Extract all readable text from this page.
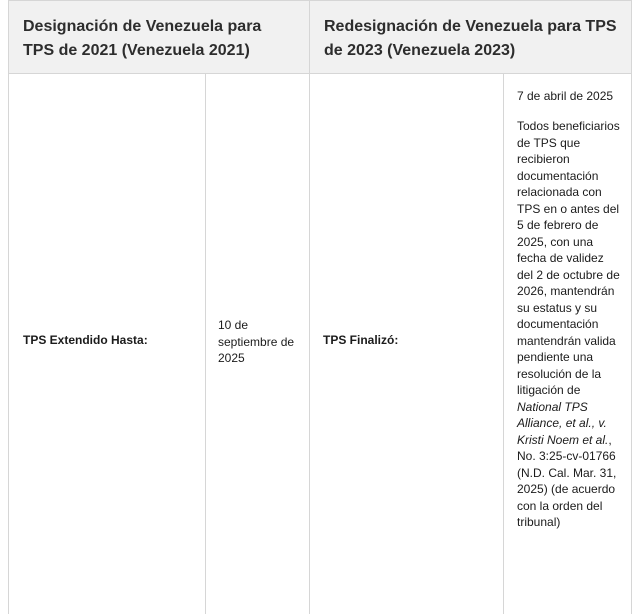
Designación de Venezuela para TPS de 2021 (Venezuela 2021)
Redesignación de Venezuela para TPS de 2023 (Venezuela 2023)
TPS Extendido Hasta:
10 de septiembre de 2025
TPS Finalizó:
7 de abril de 2025
Todos beneficiarios de TPS que recibieron documentación relacionada con TPS en o antes del 5 de febrero de 2025, con una fecha de validez del 2 de octubre de 2026, mantendrán su estatus y su documentación mantendrán valida pendiente una resolución de la litigación de National TPS Alliance, et al., v. Kristi Noem et al., No. 3:25-cv-01766 (N.D. Cal. Mar. 31, 2025) (de acuerdo con la orden del tribunal)
